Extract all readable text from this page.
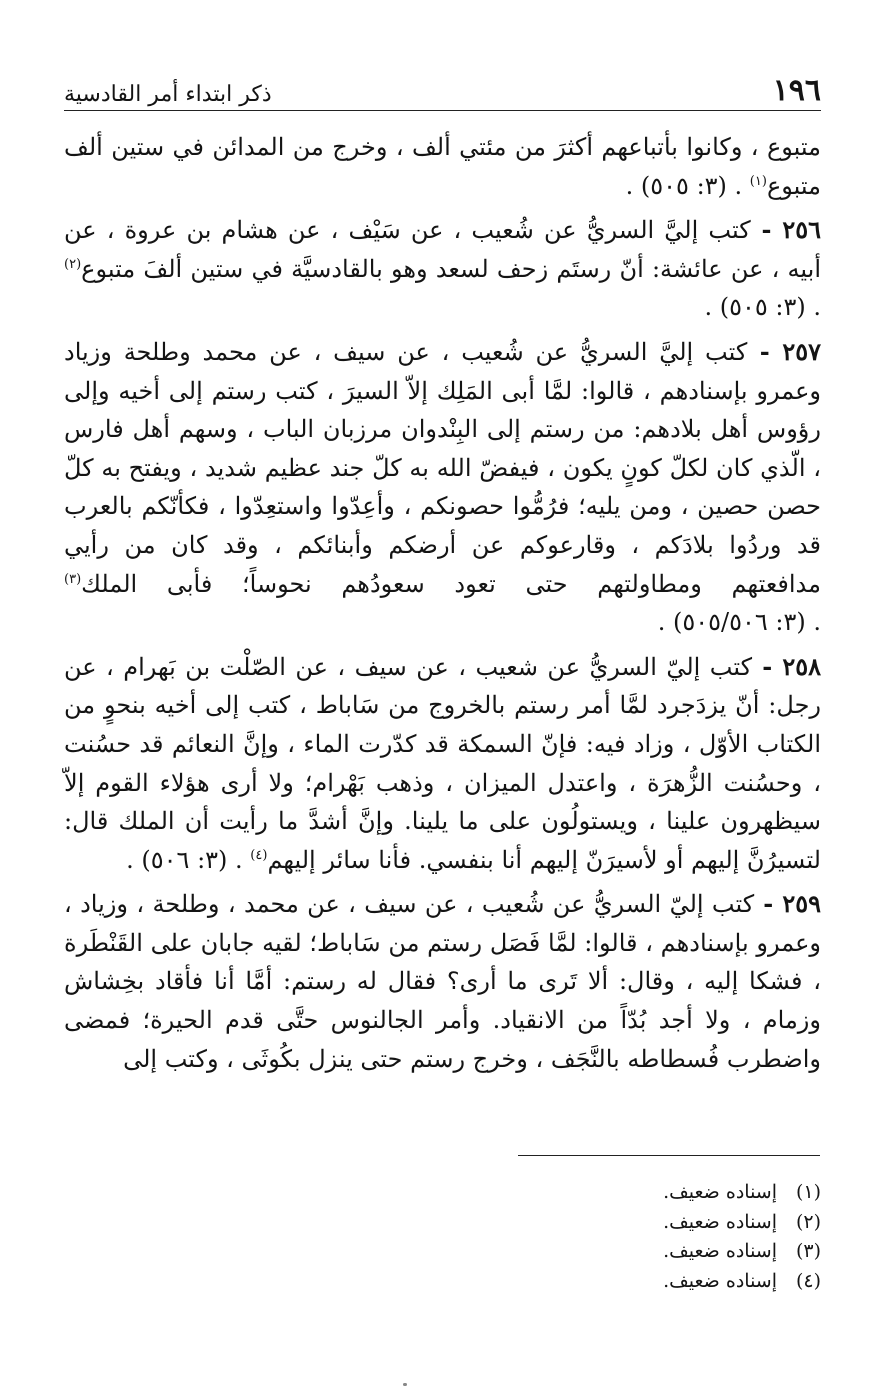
١٩٦
ذكر ابتداء أمر القادسية

متبوع ، وكانوا بأتباعهم أكثرَ من مئتي ألف ، وخرج من المدائن في ستين ألف متبوع$^{(١)}$ . (٣: ٥٠٥) .

٢٥٦ - كتب إليَّ السريُّ عن شُعيب ، عن سَيْف ، عن هشام بن عروة ، عن أبيه ، عن عائشة: أنّ رستَم زحف لسعد وهو بالقادسيَّة في ستين ألفَ متبوع$^{(٢)}$ . (٣: ٥٠٥) .

٢٥٧ - كتب إليَّ السريُّ عن شُعيب ، عن سيف ، عن محمد وطلحة وزياد وعمرو بإسنادهم ، قالوا: لمَّا أبى المَلِك إلاّ السيرَ ، كتب رستم إلى أخيه وإلى رؤوس أهل بلادهم: من رستم إلى البِنْدوان مرزبان الباب ، وسهم أهل فارس ، الّذي كان لكلّ كونٍ يكون ، فيفضّ الله به كلّ جند عظيم شديد ، ويفتح به كلّ حصن حصين ، ومن يليه؛ فرُمُّوا حصونكم ، وأعِدّوا واستعِدّوا ، فكأنّكم بالعرب قد وردُوا بلادَكم ، وقارعوكم عن أرضكم وأبنائكم ، وقد كان من رأيي مدافعتهم ومطاولتهم حتى تعود سعودُهم نحوساً؛ فأبى الملك$^{(٣)}$ . (٣: ٥٠٥/٥٠٦) .

٢٥٨ - كتب إليّ السريُّ عن شعيب ، عن سيف ، عن الصّلْت بن بَهرام ، عن رجل: أنّ يزدَجرد لمَّا أمر رستم بالخروج من سَاباط ، كتب إلى أخيه بنحوٍ من الكتاب الأوّل ، وزاد فيه: فإنّ السمكة قد كدّرت الماء ، وإنَّ النعائم قد حسُنت ، وحسُنت الزُّهرَة ، واعتدل الميزان ، وذهب بَهْرام؛ ولا أرى هؤلاء القوم إلاّ سيظهرون علينا ، ويستولُون على ما يلينا. وإنَّ أشدَّ ما رأيت أن الملك قال: لتسيرُنَّ إليهم أو لأسيرَنّ إليهم أنا بنفسي. فأنا سائر إليهم$^{(٤)}$ . (٣: ٥٠٦) .

٢٥٩ - كتب إليّ السريُّ عن شُعيب ، عن سيف ، عن محمد ، وطلحة ، وزياد ، وعمرو بإسنادهم ، قالوا: لمَّا فَصَل رستم من سَاباط؛ لقيه جابان على القَنْطَرة ، فشكا إليه ، وقال: ألا تَرى ما أرى؟ فقال له رستم: أمَّا أنا فأقاد بخِشاش وزمام ، ولا أجد بُدّاً من الانقياد. وأمر الجالنوس حتَّى قدم الحيرة؛ فمضى واضطرب فُسطاطه بالنَّجَف ، وخرج رستم حتى ينزل بكُوثَى ، وكتب إلى

(١)
إسناده ضعيف.
(٢)
إسناده ضعيف.
(٣)
إسناده ضعيف.
(٤)
إسناده ضعيف.
